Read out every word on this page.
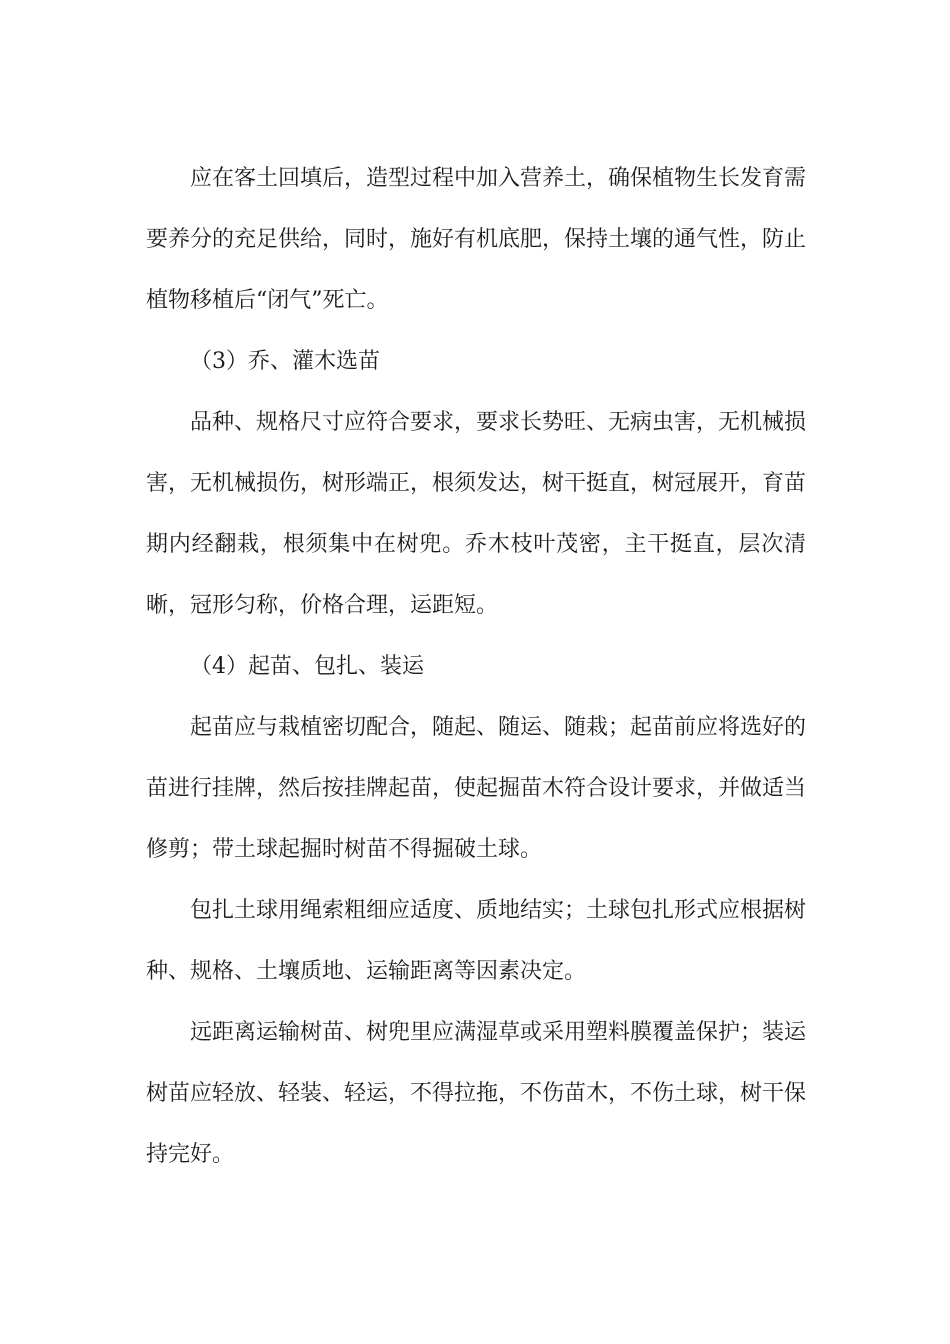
应在客土回填后，造型过程中加入营养土，确保植物生长发育需要养分的充足供给，同时，施好有机底肥，保持土壤的通气性，防止植物移植后“闭气”死亡。

（3）乔、灌木选苗

品种、规格尺寸应符合要求，要求长势旺、无病虫害，无机械损害，无机械损伤，树形端正，根须发达，树干挺直，树冠展开，育苗期内经翻栽，根须集中在树兜。乔木枝叶茂密，主干挺直，层次清晰，冠形匀称，价格合理，运距短。

（4）起苗、包扎、装运

起苗应与栽植密切配合，随起、随运、随栽；起苗前应将选好的苗进行挂牌，然后按挂牌起苗，使起掘苗木符合设计要求，并做适当修剪；带土球起掘时树苗不得掘破土球。

包扎土球用绳索粗细应适度、质地结实；土球包扎形式应根据树种、规格、土壤质地、运输距离等因素决定。

远距离运输树苗、树兜里应满湿草或采用塑料膜覆盖保护；装运树苗应轻放、轻装、轻运，不得拉拖，不伤苗木，不伤土球，树干保持完好。
